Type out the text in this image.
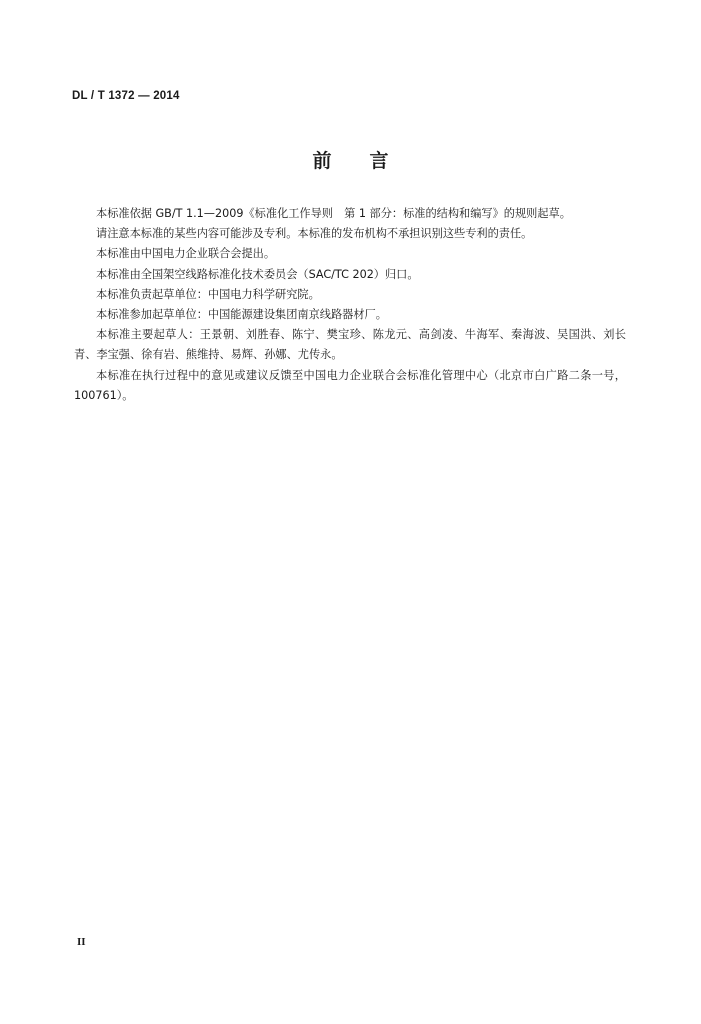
DL / T 1372 — 2014
前　　言

本标准依据 GB/T 1.1—2009《标准化工作导则　第 1 部分：标准的结构和编写》的规则起草。

请注意本标准的某些内容可能涉及专利。本标准的发布机构不承担识别这些专利的责任。

本标准由中国电力企业联合会提出。

本标准由全国架空线路标准化技术委员会（SAC/TC 202）归口。

本标准负责起草单位：中国电力科学研究院。

本标准参加起草单位：中国能源建设集团南京线路器材厂。

本标准主要起草人：王景朝、刘胜春、陈宁、樊宝珍、陈龙元、高剑凌、牛海军、秦海波、吴国洪、刘长青、李宝强、徐有岩、熊维持、易辉、孙娜、尤传永。

本标准在执行过程中的意见或建议反馈至中国电力企业联合会标准化管理中心（北京市白广路二条一号，100761）。

II
